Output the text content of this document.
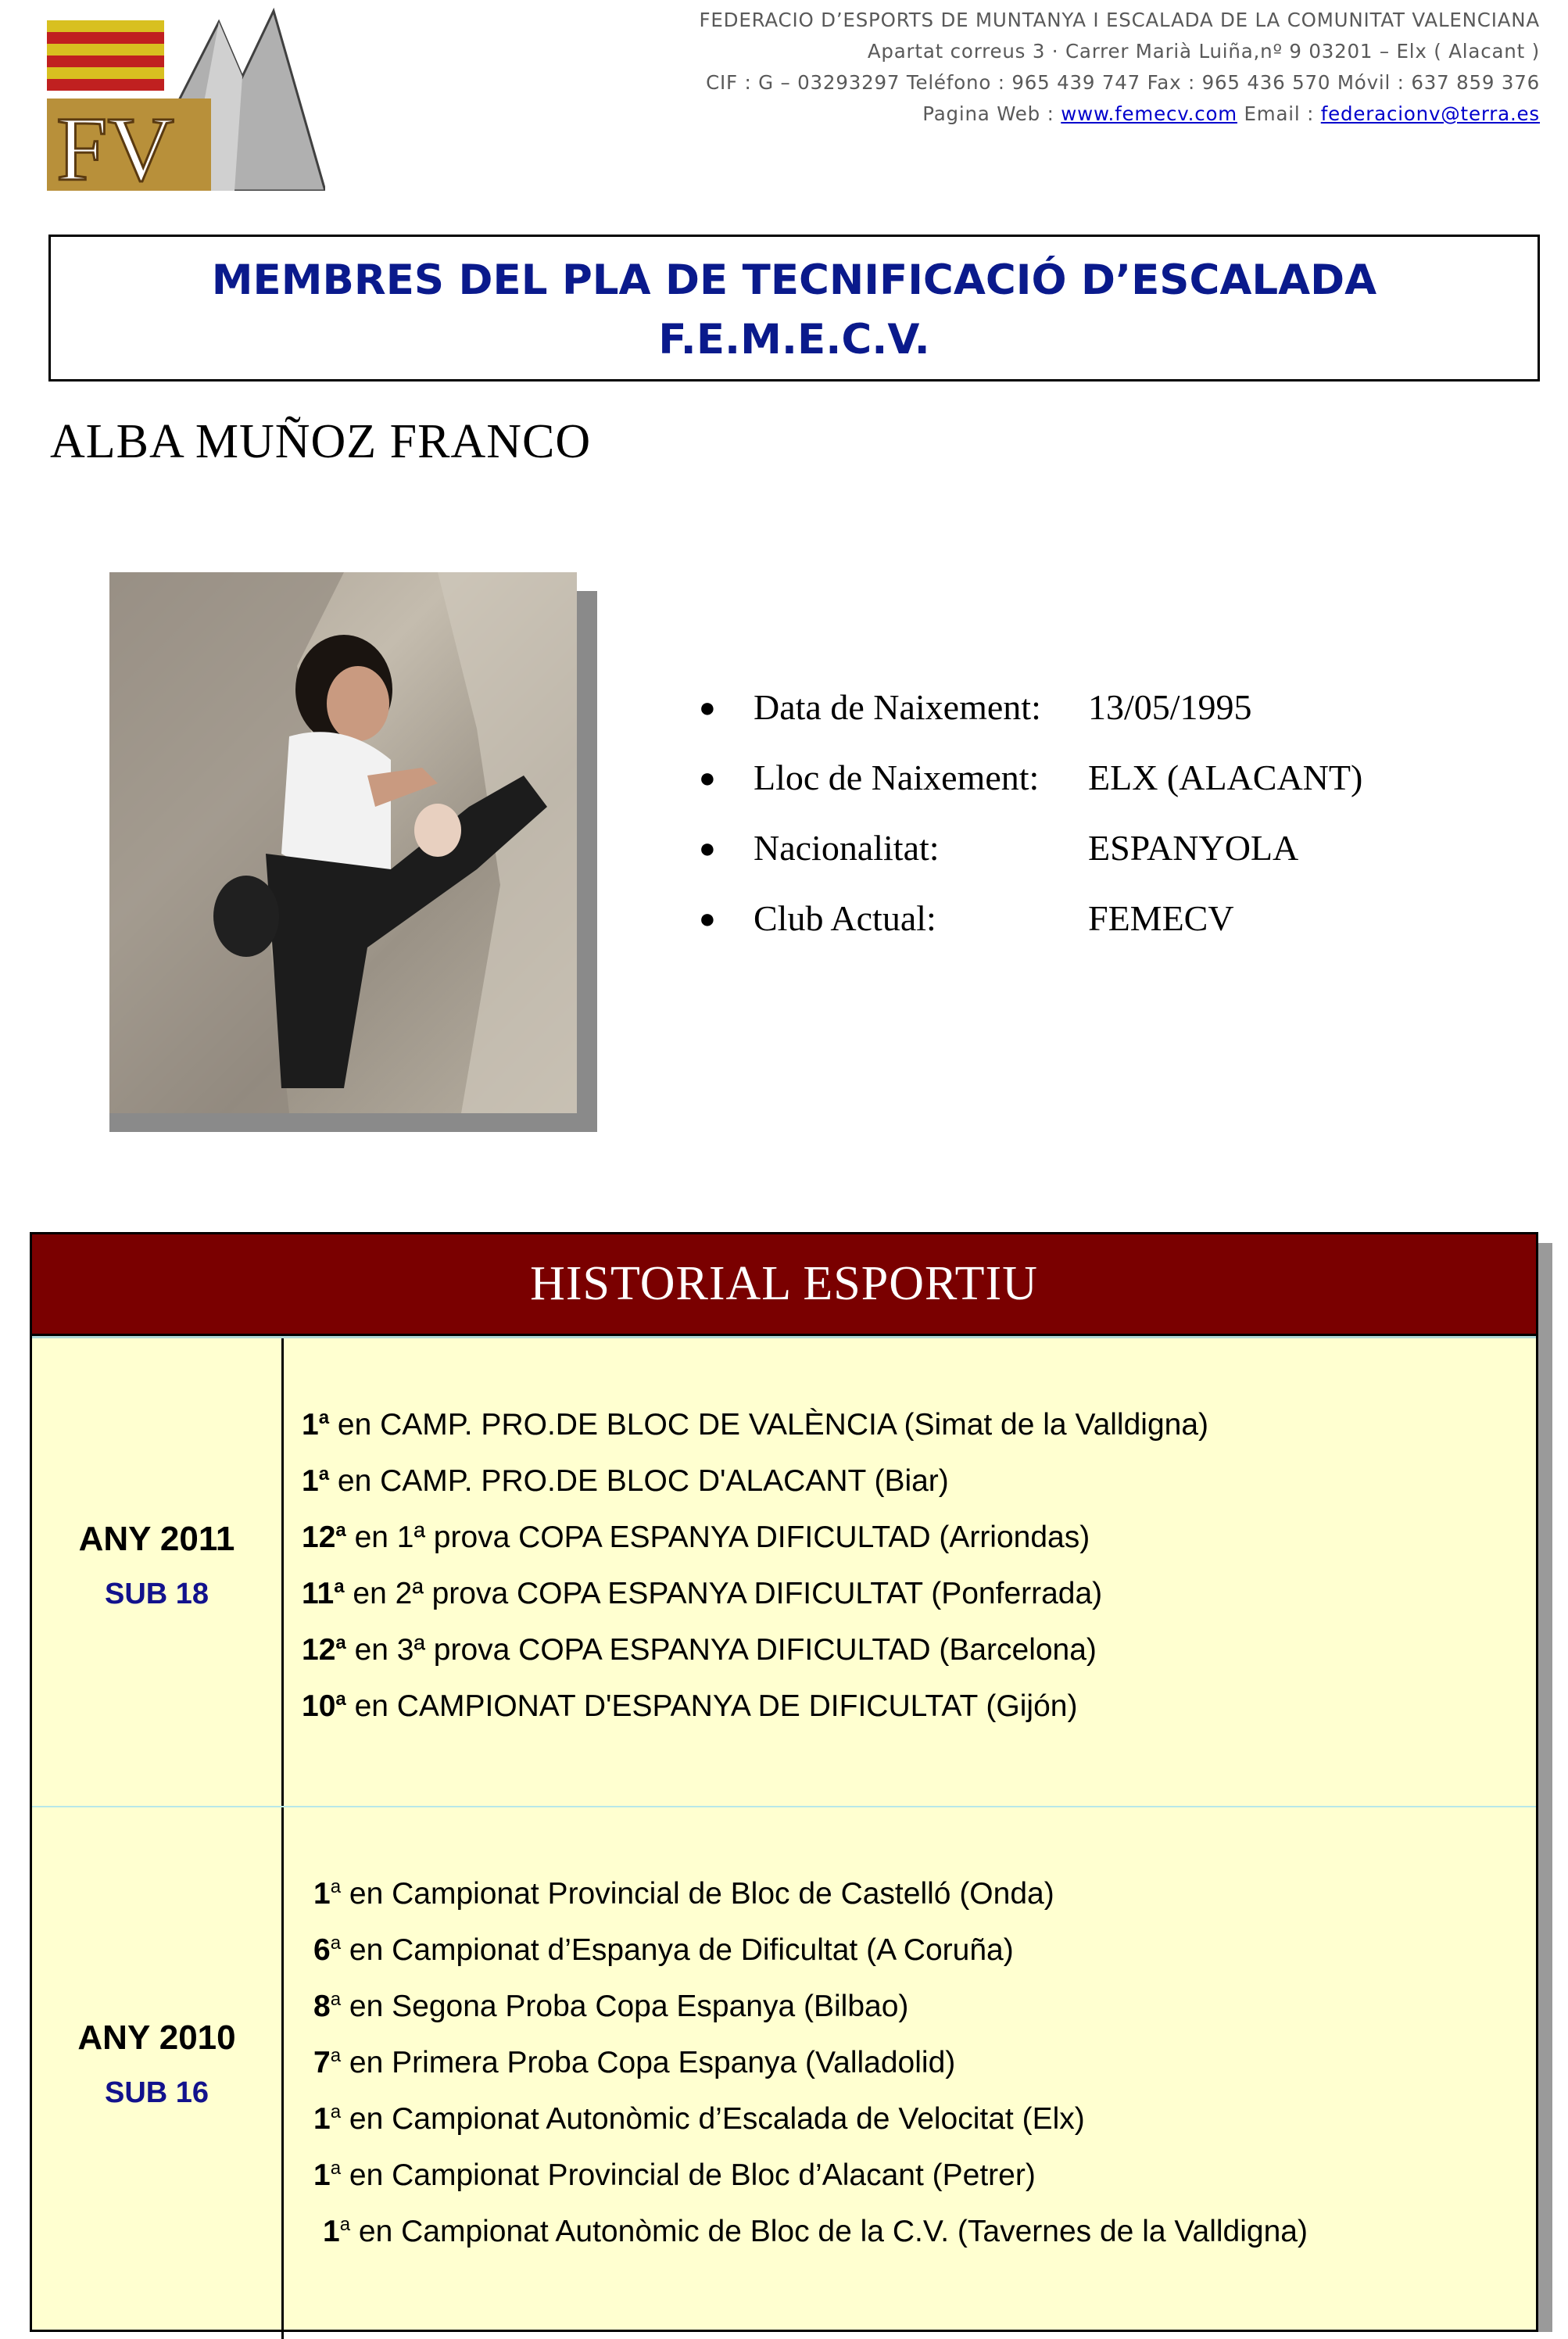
FV
FEDERACIO D’ESPORTS DE MUNTANYA I ESCALADA DE LA COMUNITAT VALENCIANA
Apartat correus 3 · Carrer Marià Luiña,nº 9 03201 – Elx ( Alacant )
CIF : G – 03293297 Teléfono : 965 439 747 Fax : 965 436 570 Móvil : 637 859 376
Pagina Web : www.femecv.com Email : federacionv@terra.es
MEMBRES DEL PLA DE TECNIFICACIÓ D’ESCALADA
F.E.M.E.C.V.
ALBA MUÑOZ FRANCO
● Data de Naixement: 13/05/1995
● Lloc de Naixement: ELX (ALACANT)
● Nacionalitat:	ESPANYOLA
● Club Actual:	FEMECV
HISTORIAL ESPORTIU
ANY 2011
SUB 18
1$^a$ en CAMP. PRO.DE BLOC DE VALÈNCIA (Simat de la Valldigna)
1$^a$ en CAMP. PRO.DE BLOC D'ALACANT (Biar)
12$^a$ en 1ª prova COPA ESPANYA DIFICULTAD (Arriondas)
11$^a$ en 2ª prova COPA ESPANYA DIFICULTAT (Ponferrada)
12$^a$ en 3ª prova COPA ESPANYA DIFICULTAD (Barcelona)
10$^a$ en CAMPIONAT D'ESPANYA DE DIFICULTAT (Gijón)
ANY 2010
SUB 16
1$^a$ en Campionat Provincial de Bloc de Castelló (Onda)
6$^a$ en Campionat d’Espanya de Dificultat (A Coruña)
8$^a$ en Segona Proba Copa Espanya (Bilbao)
7$^a$ en Primera Proba Copa Espanya (Valladolid)
1$^a$ en Campionat Autonòmic d’Escalada de Velocitat (Elx)
1$^a$ en Campionat Provincial de Bloc d’Alacant (Petrer)
1$^a$ en Campionat Autonòmic de Bloc de la C.V. (Tavernes de la Valldigna)
